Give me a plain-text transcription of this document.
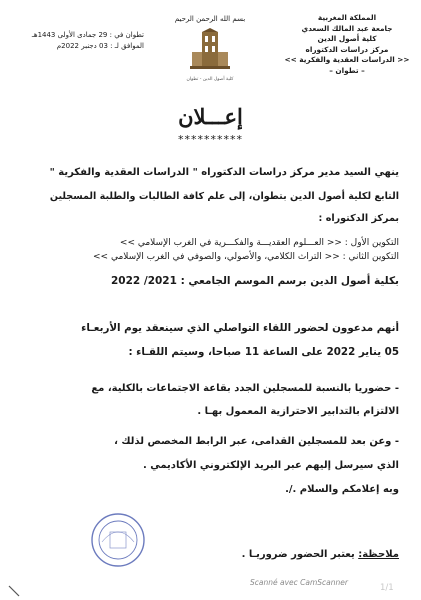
المملكة المغربية
جامعة عبد المالك السعدي
كلية أصول الدين
مركز دراسات الدكتوراه
<< الدراسات العقدية والفكرية >>
– تطوان –
بسم الله الرحمن الرحيم
كلية أصول الدين - تطوان
تطوان في : 29 جمادى الأولى 1443هـ
الموافق لـ : 03 دجنبر 2022م
إعـــلان
**********
ينهي السيد مدير مركز دراسات الدكتوراه " الدراسات العقدية والفكرية "
التابع لكلية أصول الدين بتطوان، إلى علم كافة الطالبات والطلبة المسجلين
بمركز الدكتوراه :
التكوين الأول : << العـــلوم العقديـــة والفكـــرية في الغرب الإسلامي >>
التكوين الثاني : << التراث الكلامي، والأصولي، والصوفي في الغرب الإسلامي >>
بكلية أصول الدين برسم الموسم الجامعي : 2021/ 2022
أنهم مدعوون لحضور اللقاء التواصلي الذي سينعقد يوم الأربعـاء
05 يناير 2022 على الساعة 11 صباحا، وسيتم اللقـاء :
- حضوريا بالنسبة للمسجلين الجدد بقاعة الاجتماعات بالكلية، مع
الالتزام بالتدابير الاحترازية المعمول بهـا .
- وعن بعد للمسجلين القدامى، عبر الرابط المخصص لذلك ،
الذي سيرسل إليهم عبر البريد الإلكتروني الأكاديمي .
وبه إعلامكم والسلام ./.
ملاحظة: يعتبر الحضور ضروريـا .
Scanné avec CamScanner
1/1
